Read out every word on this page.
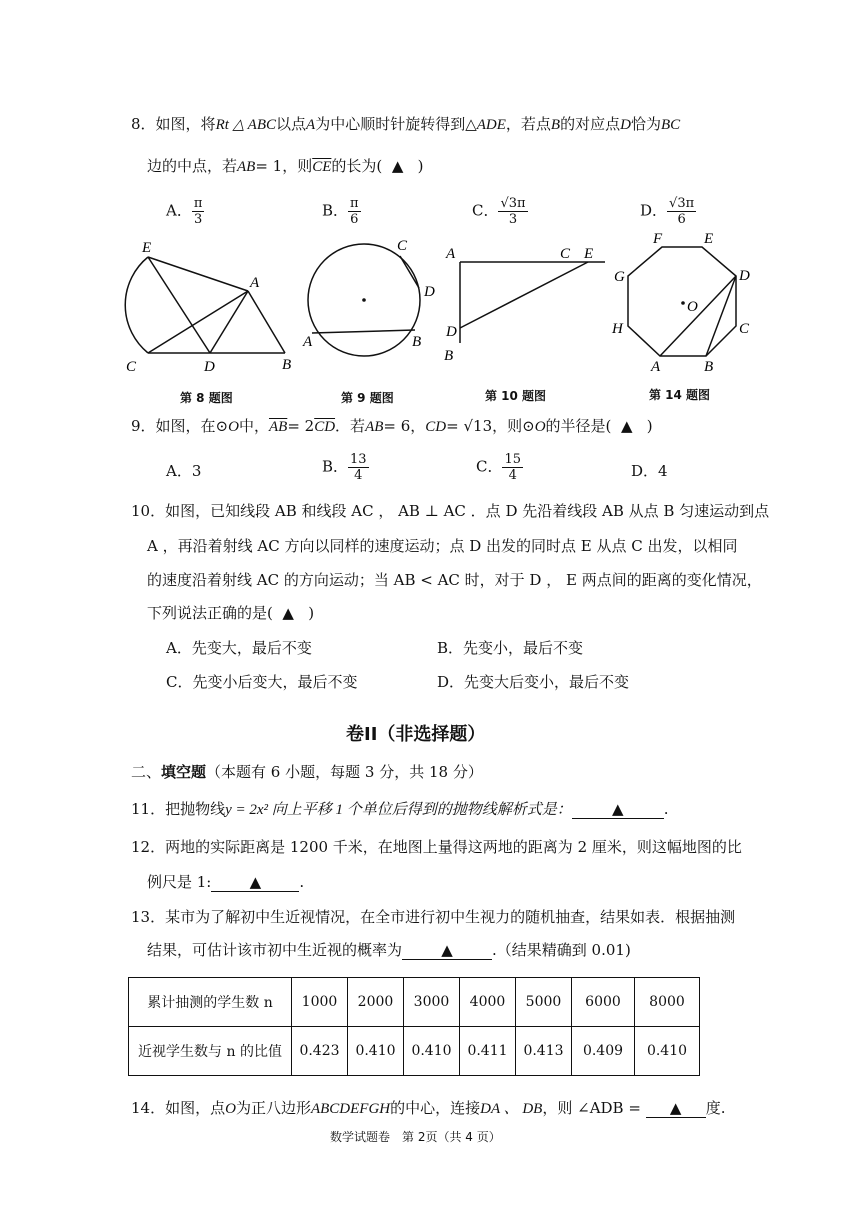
8．如图，将Rt △ ABC以点A为中心顺时针旋转得到△ADE，若点B的对应点D恰为BC
边的中点，若AB= 1，则$\overline{CE}$的长为( ▲ )
A． $\frac{\pi}{3}$	B． $\frac{\pi}{6}$	C． $\frac{√3\pi}{3}$	D． $\frac{√3\pi}{6}$
E
A
C	D	B
第 8 题图
C
D
A	B
第 9 题图
A	C E
D
B
第 10 题图
F	E
G	D
O
H	C
A	B
第 14 题图
9．如图，在⊙O中，$\overline{AB}= 2\overline{CD}$．若AB= 6，CD= √13，则⊙O的半径是( ▲ )
A．3	B． $\frac{13}{4}$	C． $\frac{15}{4}$	D．4
10．如图，已知线段 AB 和线段 AC ， AB ⊥ AC ．点 D 先沿着线段 AB 从点 B 匀速运动到点
A ，再沿着射线 AC 方向以同样的速度运动；点 D 出发的同时点 E 从点 C 出发，以相同
的速度沿着射线 AC 的方向运动；当 AB < AC 时，对于 D ， E 两点间的距离的变化情况，
下列说法正确的是( ▲ )
A．先变大，最后不变	B．先变小，最后不变
C．先变小后变大，最后不变	D．先变大后变小，最后不变
卷II（非选择题）
二、填空题（本题有 6 小题，每题 3 分，共 18 分）
11．把抛物线y = 2x² 向上平移 1 个单位后得到的抛物线解析式是：	▲	.
12．两地的实际距离是 1200 千米，在地图上量得这两地的距离为 2 厘米，则这幅地图的比
例尺是 1:	▲	.
13．某市为了解初中生近视情况，在全市进行初中生视力的随机抽查，结果如表．根据抽测
结果，可估计该市初中生近视的概率为	▲	.（结果精确到 0.01)
累计抽测的学生数 n	1000	2000	3000	4000	5000	6000	8000
近视学生数与 n 的比值	0.423	0.410	0.410	0.411	0.413	0.409	0.410
14．如图，点O为正八边形ABCDEFGH的中心，连接DA 、 DB，则 ∠ADB = ▲ 度.
数学试题卷　第 2页（共 4 页）
